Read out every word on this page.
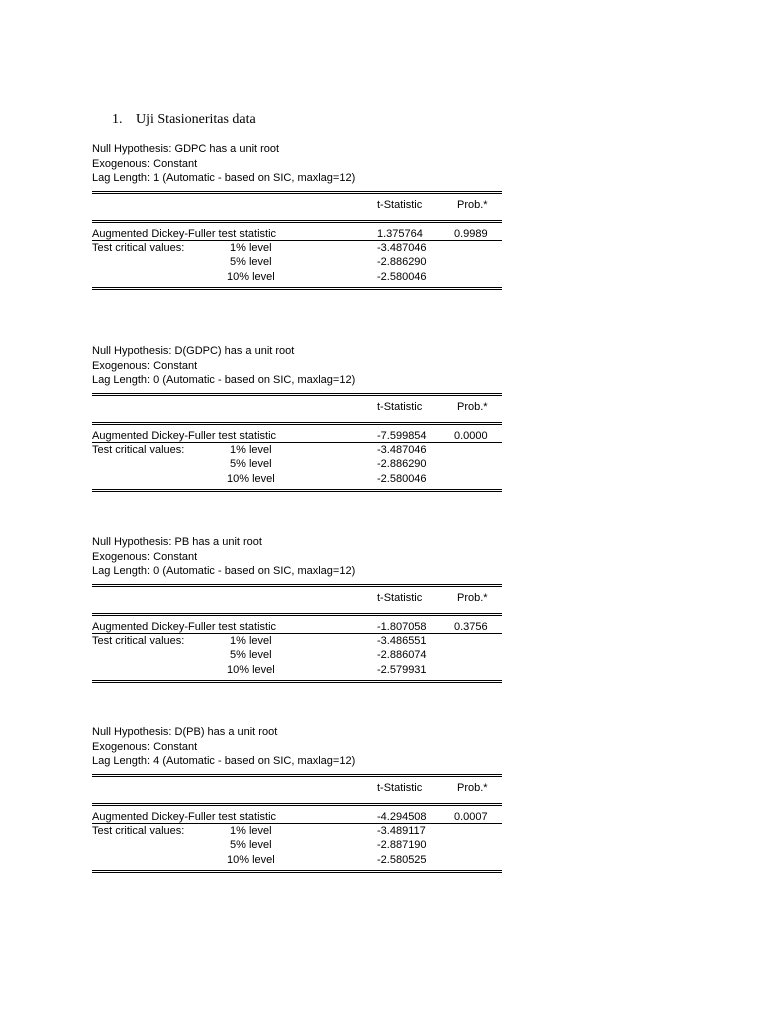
1. Uji Stasioneritas data
Null Hypothesis: GDPC has a unit root
Exogenous: Constant
Lag Length: 1 (Automatic - based on SIC, maxlag=12)
t-Statistic	Prob.*
Augmented Dickey-Fuller test statistic	1.375764	0.9989
Test critical values:	1% level	-3.487046
5% level	-2.886290
10% level	-2.580046
Null Hypothesis: D(GDPC) has a unit root
Exogenous: Constant
Lag Length: 0 (Automatic - based on SIC, maxlag=12)
t-Statistic	Prob.*
Augmented Dickey-Fuller test statistic	-7.599854 0.0000
Test critical values:	1% level	-3.487046
5% level	-2.886290
10% level	-2.580046
Null Hypothesis: PB has a unit root
Exogenous: Constant
Lag Length: 0 (Automatic - based on SIC, maxlag=12)
t-Statistic	Prob.*
Augmented Dickey-Fuller test statistic	-1.807058 0.3756
Test critical values:	1% level	-3.486551
5% level	-2.886074
10% level	-2.579931
Null Hypothesis: D(PB) has a unit root
Exogenous: Constant
Lag Length: 4 (Automatic - based on SIC, maxlag=12)
t-Statistic	Prob.*
Augmented Dickey-Fuller test statistic	-4.294508 0.0007
Test critical values:	1% level	-3.489117
5% level	-2.887190
10% level	-2.580525
